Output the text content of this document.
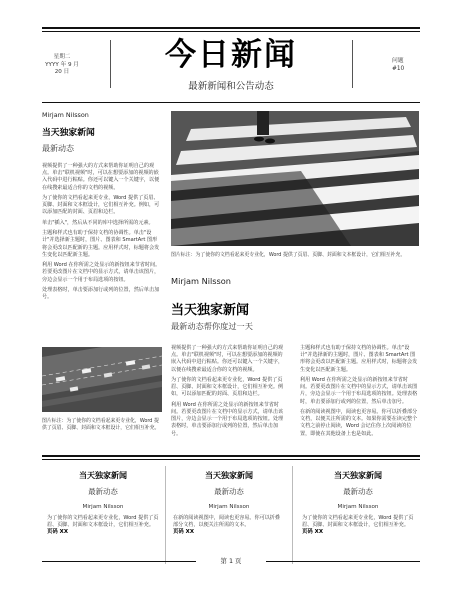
星期二
YYYY 年 9 月
20 日	今日新闻
最新新闻和公告动态
问题
#10
Mirjam Nilsson
当天独家新闻
最新动态

视频提供了一种强大的方式来帮助你证明自己的观点。单击"联机视频"时，可以在想要添加的视频的嵌入代码中进行粘贴。你还可以键入一个关键字，以便在线搜索最适合你的文档的视频。

为了使你的文档看起来更专业，Word 提供了页眉、页脚、封面和文本框设计，它们相互补充。例如，可以添加匹配的封面、页眉和边栏。

单击"插入"，然后从不同的库中选择所需的元素。

主题和样式也有助于保持文档的协调性。单击"设计"并选择新主题时，图片、图表和 SmartArt 图形将会更改以匹配新的主题。应用样式时，标题将会发生变化以匹配新主题。

利用 Word 在你所需之处显示的新按钮来节省时间。若要更改图片在文档中的显示方式，请单击该图片，旁边会显示一个用于布局选项的按钮。

处理表格时，单击要添加行或列的位置，然后单击加号。

图片标注：为了使你的文档看起来更专业化，Word 提供了页眉、页脚、封面和文本框设计，它们相互补充。
Mirjam Nilsson
当天独家新闻
最新动态帮你度过一天

视频提供了一种强大的方式来帮助你证明自己的观点。单击"联机视频"时，可以在想要添加的视频的嵌入代码中进行粘贴。你还可以键入一个关键字，以便在线搜索最适合你的文档的视频。

为了使你的文档看起来更专业化，Word 提供了页眉、页脚、封面和文本框设计，它们相互补充。例如，可以添加匹配的封面、页眉和边栏。

利用 Word 在你所需之处显示的新按钮来节省时间。若要更改图片在文档中的显示方式，请单击该图片，旁边会显示一个用于布局选项的按钮。处理表格时，单击要添加行或列的位置，然后单击加号。

主题和样式也有助于保持文档的协调性。单击"设计"并选择新的主题时，图片、图表和 SmartArt 图形将会更改以匹配新主题。应用样式时，标题将会发生变化以匹配新主题。

利用 Word 在你所需之处显示的新按钮来节省时间。若要更改图片在文档中的显示方式，请单击该图片，旁边会显示一个用于布局选项的按钮。处理表格时，单击要添加行或列的位置，然后单击加号。

在新的阅读视图中，阅读也更容易。你可以折叠部分文档，以便关注所需的文本。如果你需要在读完整个文档之前停止阅读，Word 会记住你上次阅读的位置，即使在其他设备上也是如此。

图片标注：为了使你的文档看起来更专业化，Word 提供了页眉、页脚、封面和文本框设计，它们相互补充。
当天独家新闻
最新动态
Mirjam Nilsson
为了使你的文档看起来更专业化，Word 提供了页眉、页脚、封面和文本框设计，它们相互补充。
页码 XX
当天独家新闻
最新动态
Mirjam Nilsson
在新的阅读视图中，阅读也更容易。你可以折叠部分文档，以便关注所需的文本。
页码 XX
当天独家新闻
最新动态
Mirjam Nilsson
为了使你的文档看起来更专业化，Word 提供了页眉、页脚、封面和文本框设计，它们相互补充。
页码 XX
第 1 页
